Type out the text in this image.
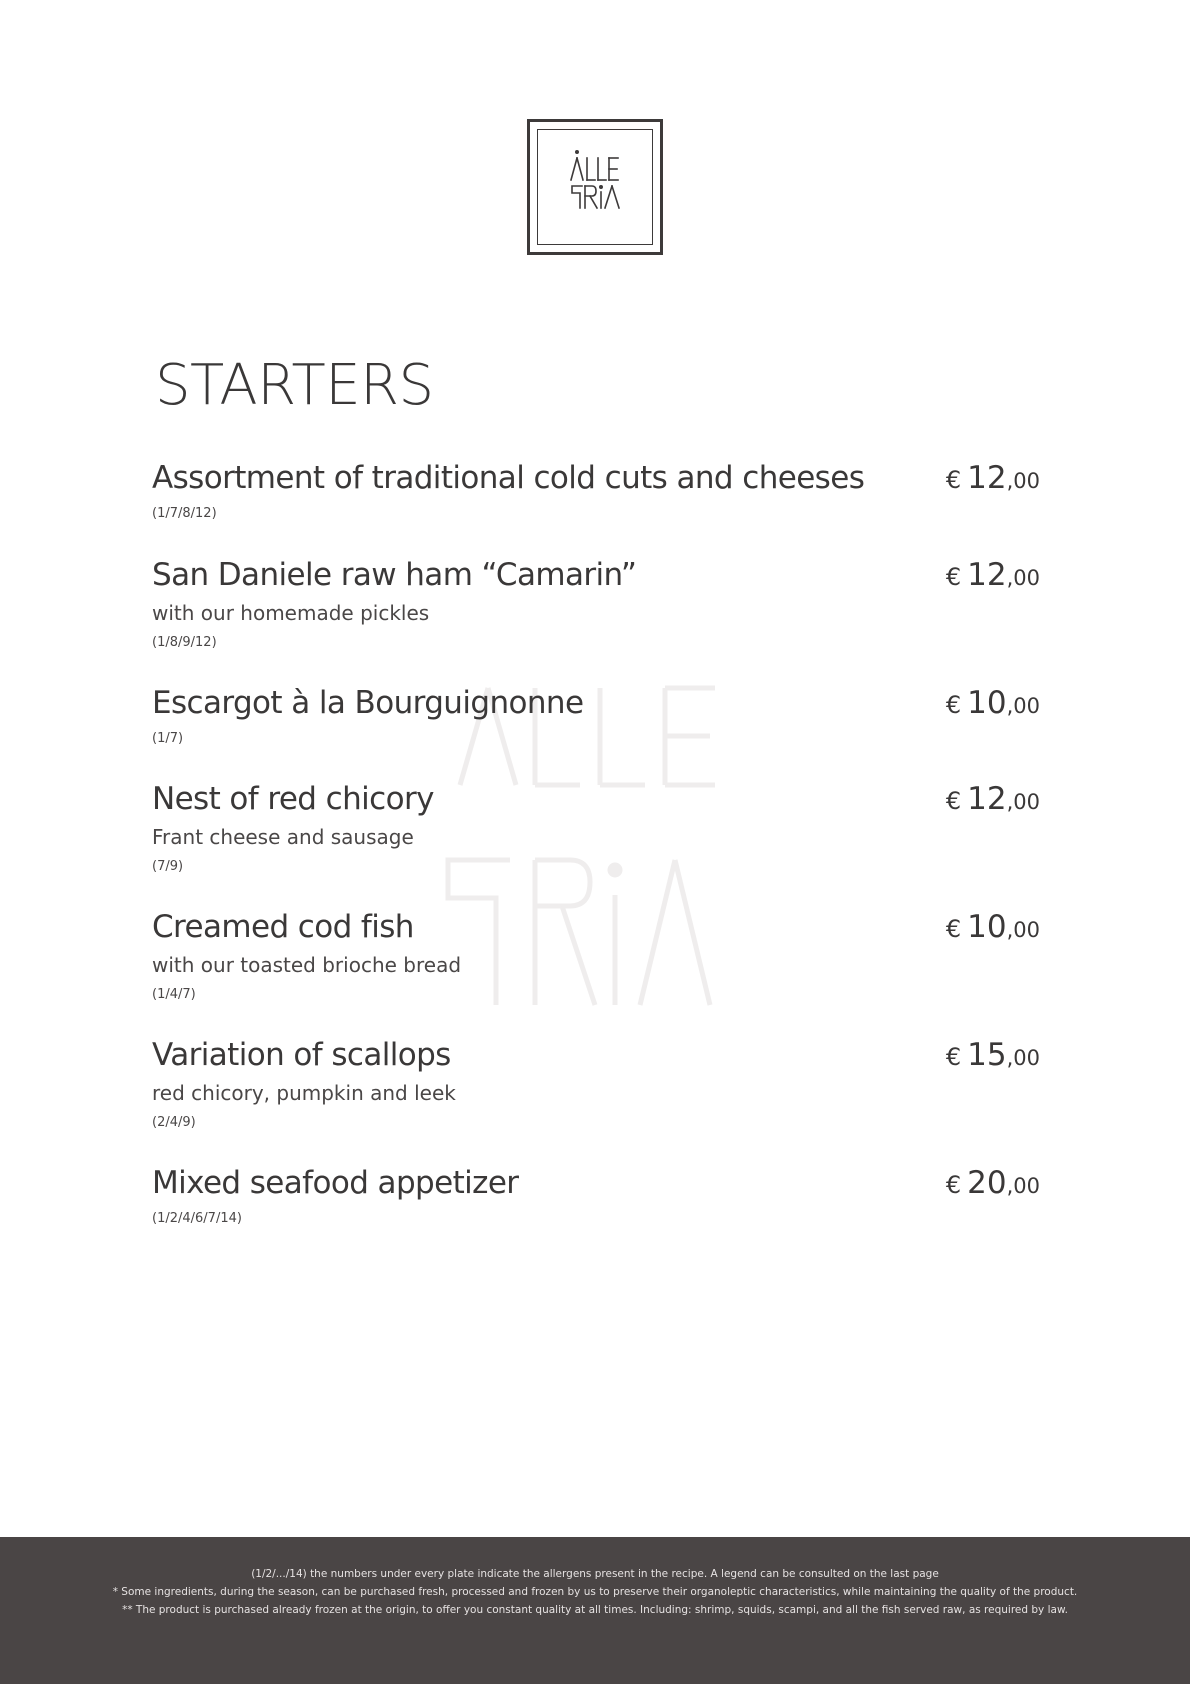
STARTERS
Assortment of traditional cold cuts and cheeses
(1/7/8/12)
€ 12,00
San Daniele raw ham “Camarin”
with our homemade pickles
(1/8/9/12)
€ 12,00
Escargot à la Bourguignonne
(1/7)
€ 10,00
Nest of red chicory
Frant cheese and sausage
(7/9)
€ 12,00
Creamed cod fish
with our toasted brioche bread
(1/4/7)
€ 10,00
Variation of scallops
red chicory, pumpkin and leek
(2/4/9)
€ 15,00
Mixed seafood appetizer
(1/2/4/6/7/14)
€ 20,00
(1/2/.../14) the numbers under every plate indicate the allergens present in the recipe. A legend can be consulted on the last page
* Some ingredients, during the season, can be purchased fresh, processed and frozen by us to preserve their organoleptic characteristics, while maintaining the quality of the product.
** The product is purchased already frozen at the origin, to offer you constant quality at all times. Including: shrimp, squids, scampi, and all the fish served raw, as required by law.
